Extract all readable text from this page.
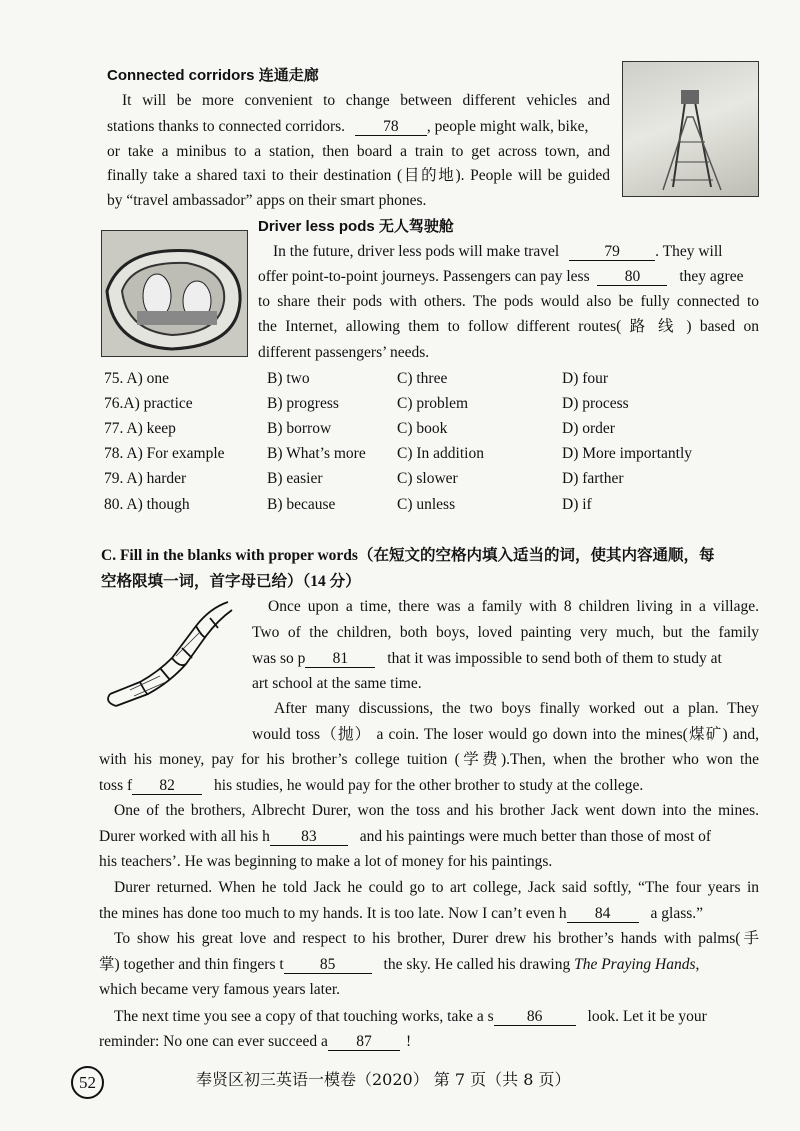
Connected corridors 连通走廊
It will be more convenient to change between different vehicles and
stations thanks to connected corridors. 78 , people might walk, bike,
or take a minibus to a station, then board a train to get across town, and
finally take a shared taxi to their destination (目的地). People will be guided
by “travel ambassador” apps on their smart phones.
Driver less pods 无人驾驶舱
In the future, driver less pods will make travel	79 . They will
offer point-to-point journeys. Passengers can pay less 80	they agree
to share their pods with others. The pods would also be fully connected to
the Internet, allowing them to follow different routes( 路 线 ) based on
different passengers’ needs.
75. A) one	B) two	C) three	D) four
76.A) practice	B) progress	C) problem	D) process
77. A) keep	B) borrow	C) book	D) order
78. A) For example	B) What’s more C) In addition	D) More importantly
79. A) harder	B) easier	C) slower	D) farther
80. A) though	B) because	C) unless	D) if
C. Fill in the blanks with proper words（在短文的空格内填入适当的词，使其内容通顺，每
空格限填一词，首字母已给）（14 分）
Once upon a time, there was a family with 8 children living in a village.
Two of the children, both boys, loved painting very much, but the family
was so p 81	that it was impossible to send both of them to study at
art school at the same time.
After many discussions, the two boys finally worked out a plan. They
would toss（抛） a coin. The loser would go down into the mines(煤矿) and,
with his money, pay for his brother’s college tuition (学费).Then, when the brother who won the
toss f 82	his studies, he would pay for the other brother to study at the college.
One of the brothers, Albrecht Durer, won the toss and his brother Jack went down into the mines.
Durer worked with all his h 83	and his paintings were much better than those of most of
his teachers’. He was beginning to make a lot of money for his paintings.
Durer returned. When he told Jack he could go to art college, Jack said softly, “The four years in
the mines has done too much to my hands. It is too late. Now I can’t even h 84	a glass.”
To show his great love and respect to his brother, Durer drew his brother’s hands with palms(手
掌) together and thin fingers t 85	the sky. He called his drawing The Praying Hands,
which became very famous years later.
The next time you see a copy of that touching works, take a s 86	look. Let it be your
reminder: No one can ever succeed a 87 !
52	奉贤区初三英语一模卷（2020） 第 7 页（共 8 页）
